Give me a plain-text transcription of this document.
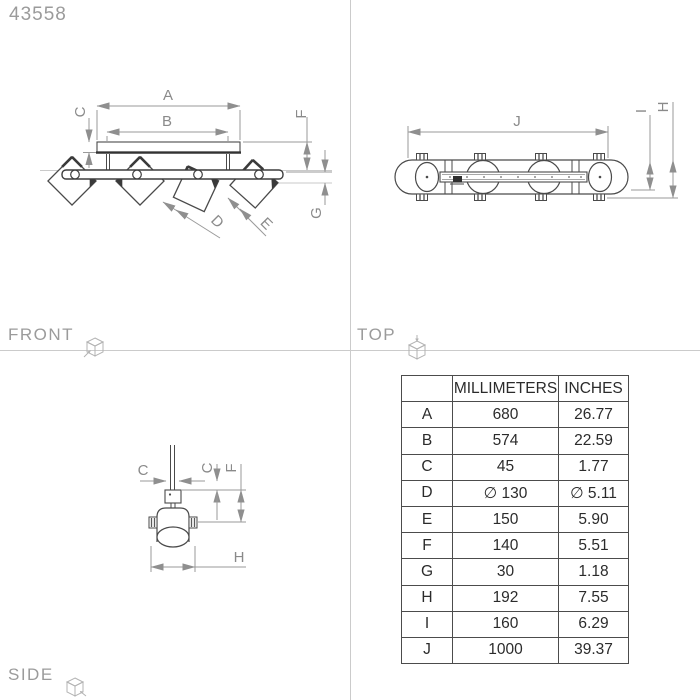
43558
A
B
C	F
G
D E
J
I H
C	C F
H
FRONT	TOP
SIDE
	MILLIMETERS	INCHES
A	680	26.77
B	574	22.59
C	45	1.77
D	∅ 130	∅ 5.11
E	150	5.90
F	140	5.51
G	30	1.18
H	192	7.55
I	160	6.29
J	1000	39.37
